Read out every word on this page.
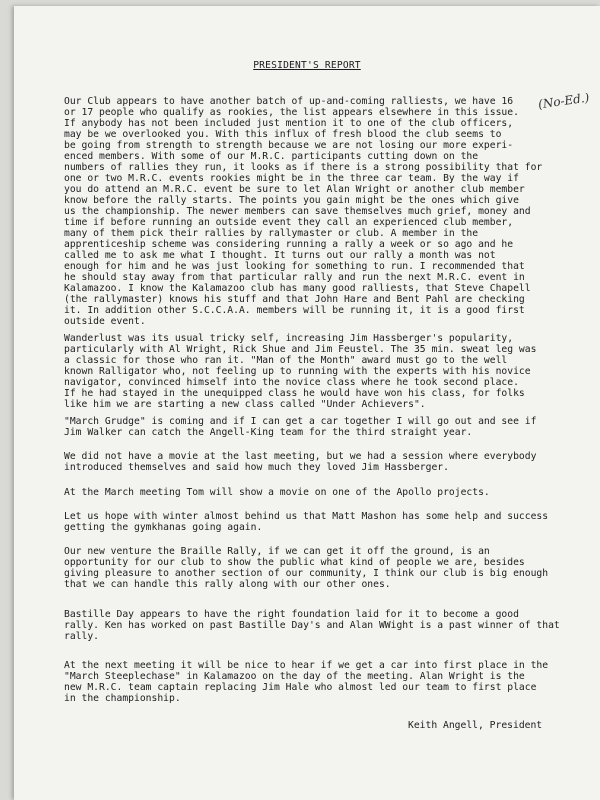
PRESIDENT'S REPORT
(No-Ed.)
Our Club appears to have another batch of up-and-coming ralliests, we have 16
or 17 people who qualify as rookies, the list appears elsewhere in this issue.
If anybody has not been included just mention it to one of the club officers,
may be we overlooked you. With this influx of fresh blood the club seems to
be going from strength to strength because we are not losing our more experi-
enced members. With some of our M.R.C. participants cutting down on the
numbers of rallies they run, it looks as if there is a strong possibility that for
one or two M.R.C. events rookies might be in the three car team. By the way if
you do attend an M.R.C. event be sure to let Alan Wright or another club member
know before the rally starts. The points you gain might be the ones which give
us the championship. The newer members can save themselves much grief, money and
time if before running an outside event they call an experienced club member,
many of them pick their rallies by rallymaster or club. A member in the
apprenticeship scheme was considering running a rally a week or so ago and he
called me to ask me what I thought. It turns out our rally a month was not
enough for him and he was just looking for something to run. I recommended that
he should stay away from that particular rally and run the next M.R.C. event in
Kalamazoo. I know the Kalamazoo club has many good ralliests, that Steve Chapell
(the rallymaster) knows his stuff and that John Hare and Bent Pahl are checking
it. In addition other S.C.C.A.A. members will be running it, it is a good first
outside event.
Wanderlust was its usual tricky self, increasing Jim Hassberger's popularity,
particularly with Al Wright, Rick Shue and Jim Feustel. The 35 min. sweat leg was
a classic for those who ran it. "Man of the Month" award must go to the well
known Ralligator who, not feeling up to running with the experts with his novice
navigator, convinced himself into the novice class where he took second place.
If he had stayed in the unequipped class he would have won his class, for folks
like him we are starting a new class called "Under Achievers".
"March Grudge" is coming and if I can get a car together I will go out and see if
Jim Walker can catch the Angell-King team for the third straight year.
We did not have a movie at the last meeting, but we had a session where everybody
introduced themselves and said how much they loved Jim Hassberger.
At the March meeting Tom will show a movie on one of the Apollo projects.
Let us hope with winter almost behind us that Matt Mashon has some help and success
getting the gymkhanas going again.
Our new venture the Braille Rally, if we can get it off the ground, is an
opportunity for our club to show the public what kind of people we are, besides
giving pleasure to another section of our community, I think our club is big enough
that we can handle this rally along with our other ones.
Bastille Day appears to have the right foundation laid for it to become a good
rally. Ken has worked on past Bastille Day's and Alan WWight is a past winner of that
rally.
At the next meeting it will be nice to hear if we get a car into first place in the
"March Steeplechase" in Kalamazoo on the day of the meeting. Alan Wright is the
new M.R.C. team captain replacing Jim Hale who almost led our team to first place
in the championship.
Keith Angell, President
